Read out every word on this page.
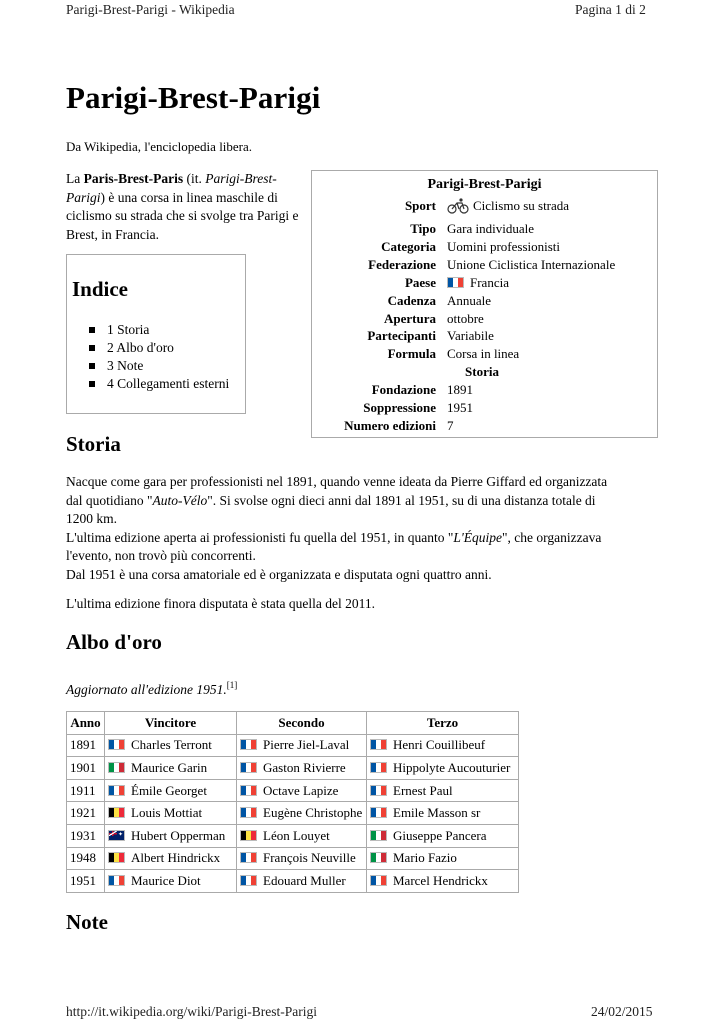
Parigi-Brest-Parigi - Wikipedia	Pagina 1 di 2
http://it.wikipedia.org/wiki/Parigi-Brest-Parigi	24/02/2015
Parigi-Brest-Parigi
Da Wikipedia, l'enciclopedia libera.
La Paris-Brest-Paris (it. Parigi-Brest-Parigi) è una corsa in linea maschile di ciclismo su strada che si svolge tra Parigi e Brest, in Francia.
Indice
1 Storia
2 Albo d'oro
3 Note
4 Collegamenti esterni
Parigi-Brest-Parigi
Sport	Ciclismo su strada
Tipo Gara individuale
Categoria Uomini professionisti
Federazione Unione Ciclistica Internazionale
Paese	Francia
Cadenza Annuale
Apertura ottobre
Partecipanti Variabile
Formula Corsa in linea
Storia
Fondazione 1891
Soppressione 1951
Numero edizioni 7
Storia
Nacque come gara per professionisti nel 1891, quando venne ideata da Pierre Giffard ed organizzata
dal quotidiano "Auto-Vélo". Si svolse ogni dieci anni dal 1891 al 1951, su di una distanza totale di
1200 km.
L'ultima edizione aperta ai professionisti fu quella del 1951, in quanto "L'Équipe", che organizzava
l'evento, non trovò più concorrenti.
Dal 1951 è una corsa amatoriale ed è organizzata e disputata ogni quattro anni.
L'ultima edizione finora disputata è stata quella del 2011.
Albo d'oro
Aggiornato all'edizione 1951.[1]
Anno	Vincitore	Secondo	Terzo
1891	Charles Terront	Pierre Jiel-Laval	Henri Couillibeuf
1901	Maurice Garin	Gaston Rivierre	Hippolyte Aucouturier
1911	Émile Georget	Octave Lapize	Ernest Paul
1921	Louis Mottiat	Eugène Christophe	Emile Masson sr
1931	✦Hubert Opperman	Léon Louyet	Giuseppe Pancera
1948	Albert Hindrickx	François Neuville	Mario Fazio
1951	Maurice Diot	Edouard Muller	Marcel Hendrickx
Note
